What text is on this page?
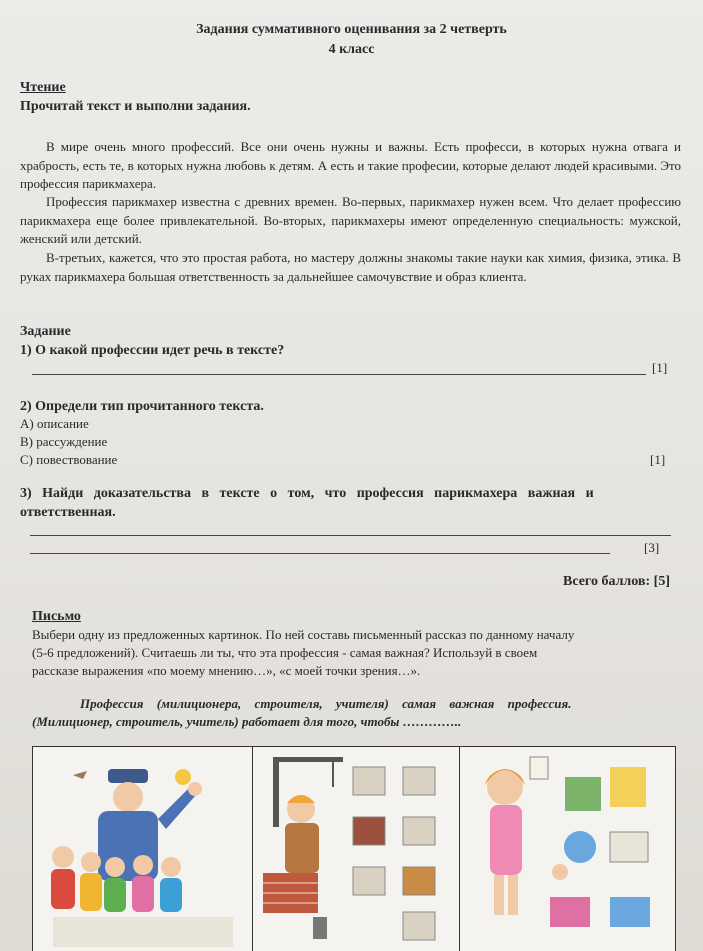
Задания суммативного оценивания за 2 четверть
4 класс
Чтение
Прочитай текст и выполни задания.
В мире очень много профессий. Все они очень нужны и важны. Есть професси, в которых нужна отвага и храбрость, есть те, в которых нужна любовь к детям. А есть и такие професии, которые делают людей красивыми. Это профессия парикмахера.
Профессия парикмахер известна с древних времен. Во-первых, парикмахер нужен всем. Что делает профессию парикмахера еще более привлекательной. Во-вторых, парикмахеры имеют определенную специальность: мужской, женский или детский.
В-третьих, кажется, что это простая работа, но мастеру должны знакомы такие науки как химия, физика, этика. В руках парикмахера большая ответственность за дальнейшее самочувствие и образ клиента.
Задание
1) О какой профессии идет речь в тексте?
[1]
2) Определи тип прочитанного текста.
А) описание
В) рассуждение
С) повествование	[1]
3) Найди доказательства в тексте о том, что профессия парикмахера важная и
ответственная.
[3]
Всего баллов: [5]
Письмо
Выбери одну из предложенных картинок. По ней составь письменный рассказ по данному началу
(5-6 предложений). Считаешь ли ты, что эта профессия - самая важная? Используй в своем
рассказе выражения «по моему мнению…», «с моей точки зрения…».
Профессия (милиционера, строителя, учителя) самая важная профессия.
(Милиционер, строитель, учитель) работает для того, чтобы …………..
